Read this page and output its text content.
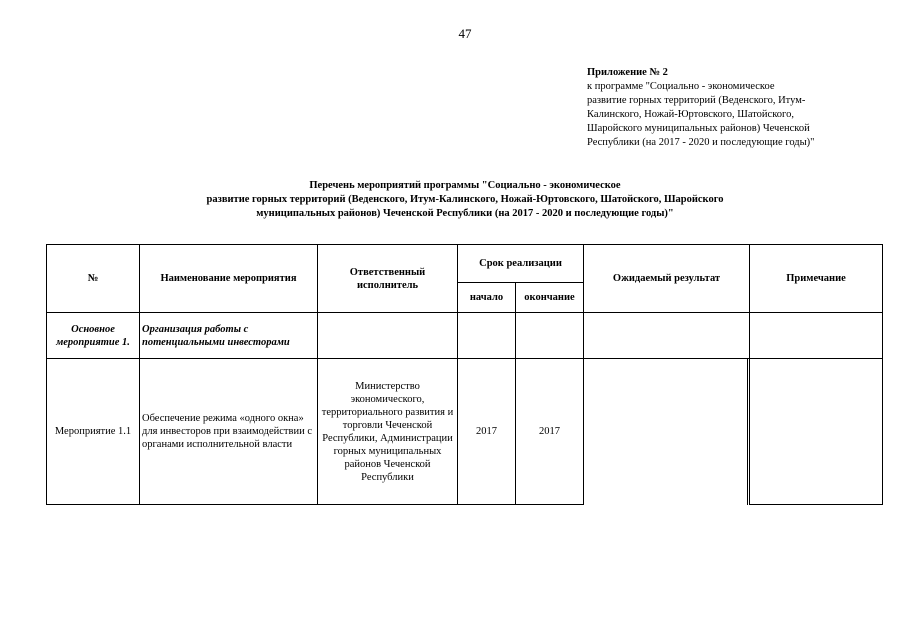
47
Приложение № 2
к программе "Социально - экономическое
развитие горных территорий (Веденского, Итум-
Калинского, Ножай-Юртовского, Шатойского,
Шаройского муниципальных районов) Чеченской
Республики (на 2017 - 2020 и последующие годы)"
Перечень мероприятий программы "Социально - экономическое
развитие горных территорий (Веденского, Итум-Калинского, Ножай-Юртовского, Шатойского, Шаройского
муниципальных районов) Чеченской Республики (на 2017 - 2020 и последующие годы)"
№	Наименование мероприятия	Ответственный исполнитель	Срок реализации		Ожидаемый результат		Примечание
			начало	окончание			
Основное мероприятие 1.	Организация работы с потенциальными инвесторами						
Мероприятие 1.1	Обеспечение режима «одного окна» для инвесторов при взаимодействии с органами исполнительной власти	Министерство экономического, территориального развития и торговли Чеченской Республики, Администрации горных муниципальных районов Чеченской Республики	2017	2017			
